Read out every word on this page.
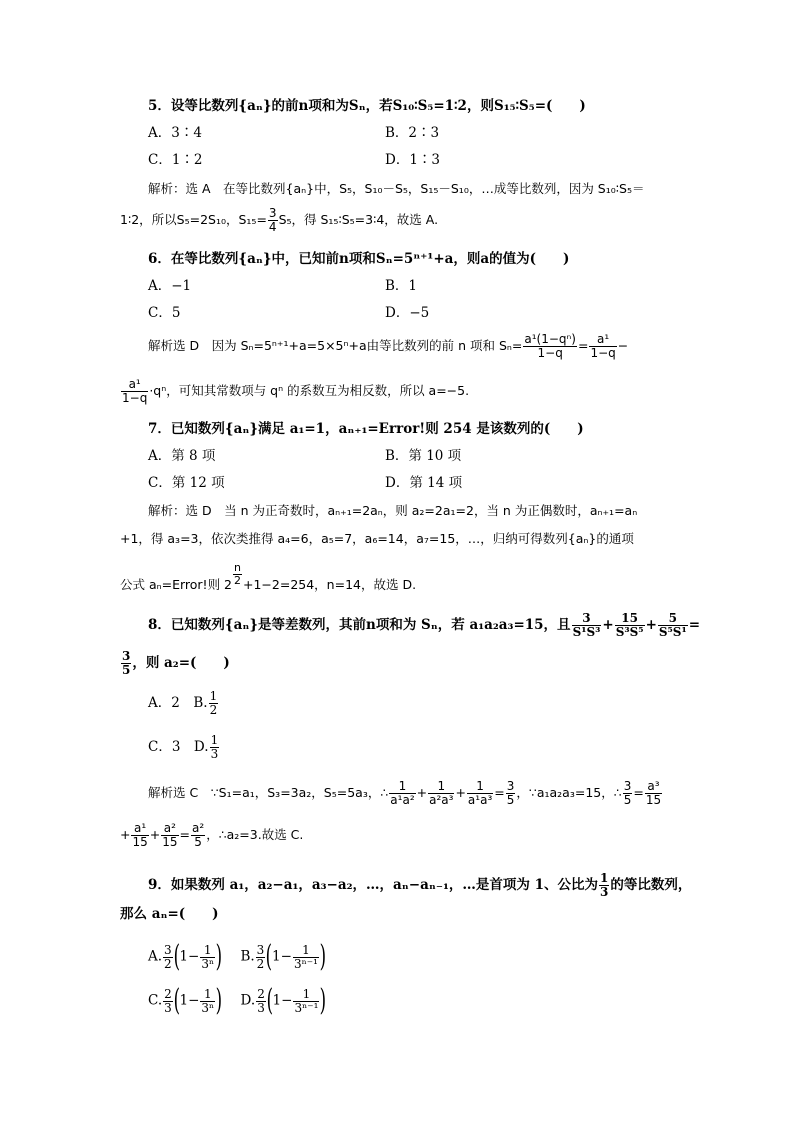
5．设等比数列{aₙ}的前n项和为Sₙ，若S₁₀∶S₅=1∶2，则S₁₅∶S₅=(　　)
A．3∶4	B．2∶3
C．1∶2	D．1∶3
解析：选 A　在等比数列{aₙ}中，S₅，S₁₀－S₅，S₁₅－S₁₀，…成等比数列，因为 S₁₀∶S₅＝
1∶2，所以S₅=2S₁₀，$S_{15}= \frac{3}{4} S_5$，得 S₁₅∶S₅=3∶4，故选 A.
6．在等比数列{aₙ}中，已知前n项和Sₙ=5ⁿ⁺¹+a，则a的值为(　　)
A．−1	B．1
C．5	D．−5
解析选 D　因为 Sₙ=5ⁿ⁺¹+a=5×5ⁿ+a由等比数列的前 n 项和 $S_n= \frac{\text{a¹(1−qⁿ)}}{1-q} = \frac{\text{a¹}}{1-q}$ −
$\frac{\text{a¹}}{1-q} \cdot q^n$，可知其常数项与 qⁿ 的系数互为相反数，所以 a=−5.
7．已知数列{aₙ}满足 a₁=1，aₙ₊₁=Error!则 254 是该数列的(　　)
A．第 8 项	B．第 10 项
C．第 12 项	D．第 14 项
解析：选 D　当 n 为正奇数时，aₙ₊₁=2aₙ，则 a₂=2a₁=2，当 n 为正偶数时，aₙ₊₁=aₙ
+1，得 a₃=3，依次类推得 a₄=6，a₅=7，a₆=14，a₇=15，…，归纳可得数列{aₙ}的通项
公式 aₙ=Error!则 $2 \frac{n}{2} +1-2=254$，n=14，故选 D.
8．已知数列{aₙ}是等差数列，其前n项和为 Sₙ，若 a₁a₂a₃=15，且 $\frac{3}{\text{S¹S³}} + \frac{15}{\text{S³S⁵}} + \frac{5}{\text{S⁵S¹}}$ =
$\frac{3}{5}$ ，则 a₂=(　　)
A．2　B. $\frac{1}{2}$
C．3　D. $\frac{1}{3}$
解析选 C　∵S₁=a₁，S₃=3a₂，S₅=5a₃，∴ $\frac{1}{\text{a¹a²}} + \frac{1}{\text{a²a³}} + \frac{1}{\text{a¹a³}} = \frac{3}{5}$ ，∵a₁a₂a₃=15，∴ $\frac{3}{5} = \frac{\text{a³}}{15}$
+ $\frac{\text{a¹}}{15} + \frac{\text{a²}}{15} = \frac{\text{a²}}{5}$ ，∴a₂=3.故选 C.
9．如果数列 a₁，a₂−a₁，a₃−a₂，…，aₙ−aₙ₋₁，…是首项为 1、公比为 $\frac{1}{3}$ 的等比数列，
那么 aₙ=(　　)
A. $\frac{3}{2} (1- \frac{1}{\text{3ⁿ}}$ ) B. $\frac{3}{2} (1- \frac{1}{\text{3ⁿ⁻¹}}$ )
C. $\frac{2}{3} (1- \frac{1}{\text{3ⁿ}}$ ) D. $\frac{2}{3} (1- \frac{1}{\text{3ⁿ⁻¹}}$ )
